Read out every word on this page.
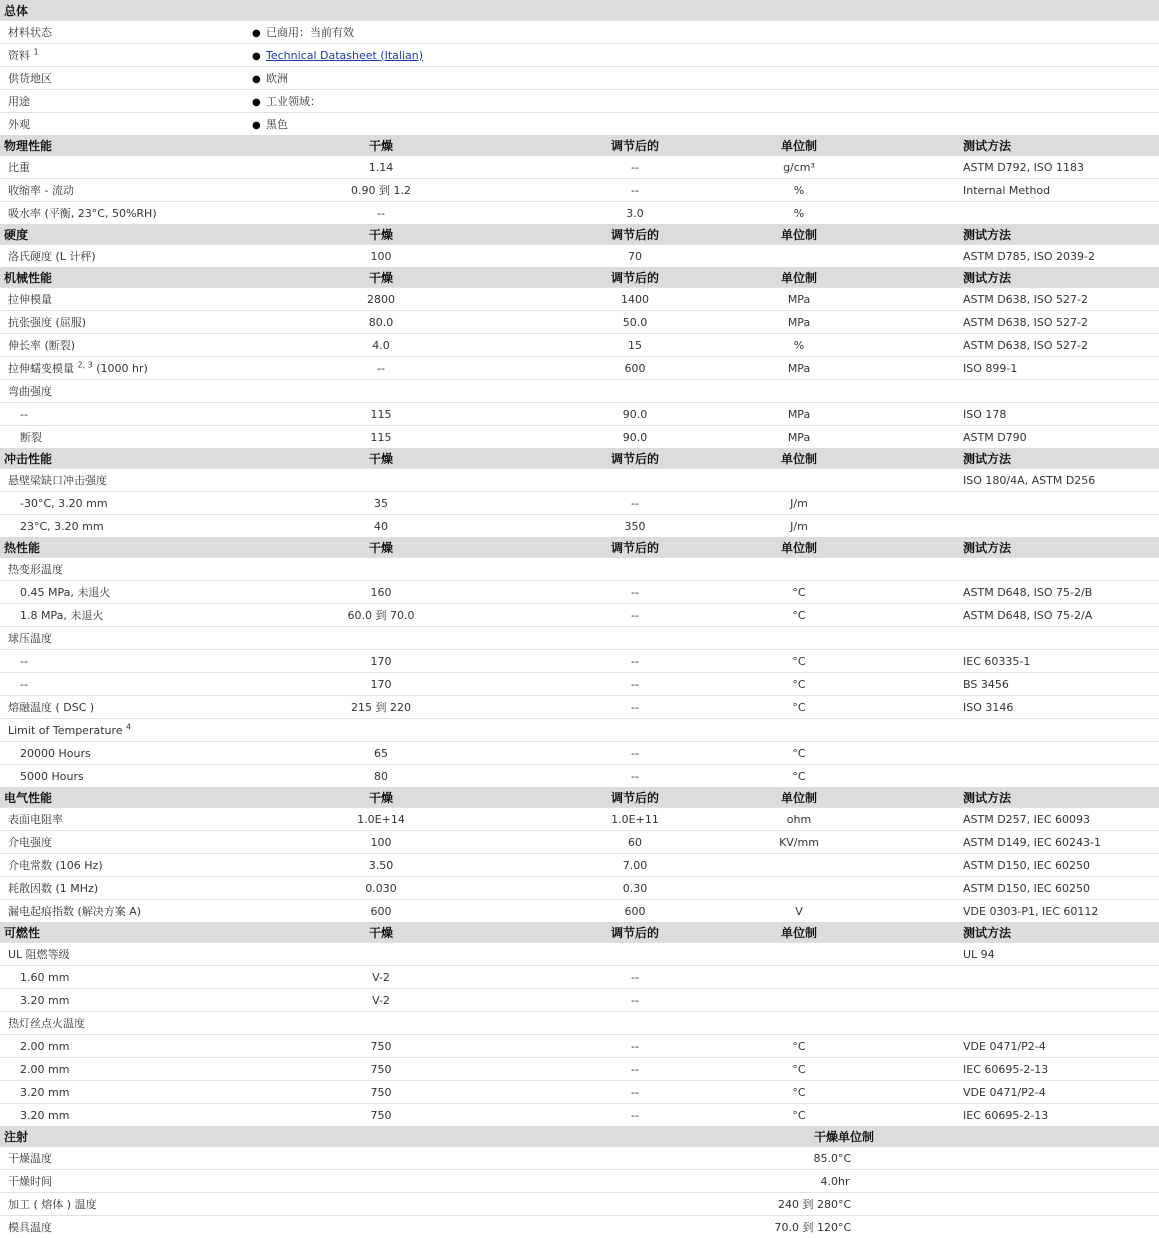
总体					
材料状态	● 已商用：当前有效				
资料 $^1$	● Technical Datasheet (Italian)				
供货地区	● 欧洲				
用途	● 工业领域：				
外观	● 黑色				
物理性能	干燥	调节后的	单位制		测试方法
比重	1.14	--	g/cm³		ASTM D792, ISO 1183
收缩率 - 流动	0.90 到 1.2	--	%		Internal Method
吸水率 (平衡, 23°C, 50%RH)	--	3.0	%		
硬度	干燥	调节后的	单位制		测试方法
洛氏硬度 (L 计秤)	100	70			ASTM D785, ISO 2039-2
机械性能	干燥	调节后的	单位制		测试方法
拉伸模量	2800	1400	MPa		ASTM D638, ISO 527-2
抗张强度 (屈服)	80.0	50.0	MPa		ASTM D638, ISO 527-2
伸长率 (断裂)	4.0	15	%		ASTM D638, ISO 527-2
拉伸蠕变模量 $^{2, 3}$ (1000 hr)	--	600	MPa		ISO 899-1
弯曲强度					
--	115	90.0	MPa		ISO 178
断裂	115	90.0	MPa		ASTM D790
冲击性能	干燥	调节后的	单位制		测试方法
悬壁梁缺口冲击强度					ISO 180/4A, ASTM D256
-30°C, 3.20 mm	35	--	J/m		
23°C, 3.20 mm	40	350	J/m		
热性能	干燥	调节后的	单位制		测试方法
热变形温度					
0.45 MPa, 未退火	160	--	°C		ASTM D648, ISO 75-2/B
1.8 MPa, 未退火	60.0 到 70.0	--	°C		ASTM D648, ISO 75-2/A
球压温度					
--	170	--	°C		IEC 60335-1
--	170	--	°C		BS 3456
熔融温度 ( DSC )	215 到 220	--	°C		ISO 3146
Limit of Temperature $^4$					
20000 Hours	65	--	°C		
5000 Hours	80	--	°C		
电气性能	干燥	调节后的	单位制		测试方法
表面电阻率	1.0E+14	1.0E+11	ohm		ASTM D257, IEC 60093
介电强度	100	60	KV/mm		ASTM D149, IEC 60243-1
介电常数 (106 Hz)	3.50	7.00			ASTM D150, IEC 60250
耗散因数 (1 MHz)	0.030	0.30			ASTM D150, IEC 60250
漏电起痕指数 (解决方案 A)	600	600	V		VDE 0303-P1, IEC 60112
可燃性	干燥	调节后的	单位制		测试方法
UL 阻燃等级					UL 94
1.60 mm	V-2	--			
3.20 mm	V-2	--			
热灯丝点火温度					
2.00 mm	750	--	°C		VDE 0471/P2-4
2.00 mm	750	--	°C		IEC 60695-2-13
3.20 mm	750	--	°C		VDE 0471/P2-4
3.20 mm	750	--	°C		IEC 60695-2-13
注射			干燥	单位制	
干燥温度			85.0	°C	
干燥时间			4.0	hr	
加工 ( 熔体 ) 温度			240 到 280	°C	
模具温度			70.0 到 120	°C	
